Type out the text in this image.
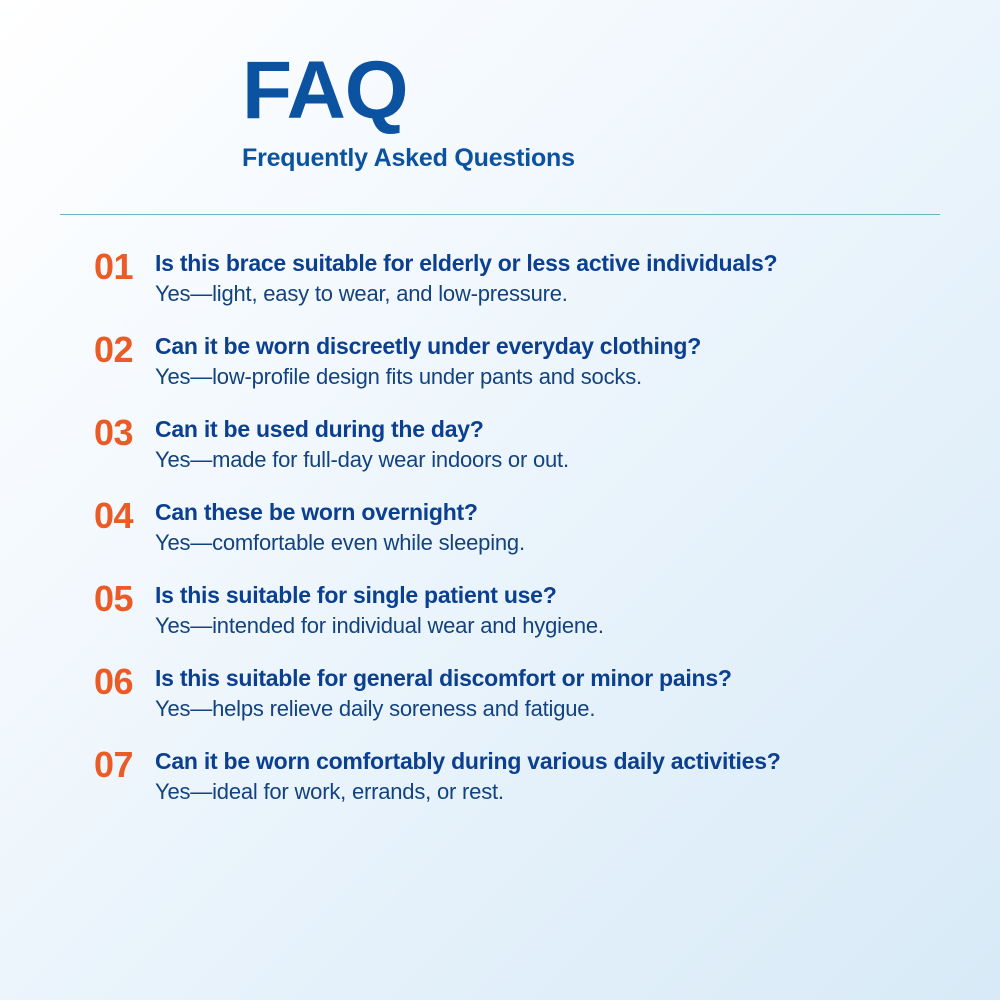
FAQ
Frequently Asked Questions
01 Is this brace suitable for elderly or less active individuals?

Yes—light, easy to wear, and low-pressure.

02 Can it be worn discreetly under everyday clothing?

Yes—low-profile design fits under pants and socks.

03 Can it be used during the day?

Yes—made for full-day wear indoors or out.

04 Can these be worn overnight?

Yes—comfortable even while sleeping.

05 Is this suitable for single patient use?

Yes—intended for individual wear and hygiene.

06 Is this suitable for general discomfort or minor pains?

Yes—helps relieve daily soreness and fatigue.

07 Can it be worn comfortably during various daily activities?

Yes—ideal for work, errands, or rest.
